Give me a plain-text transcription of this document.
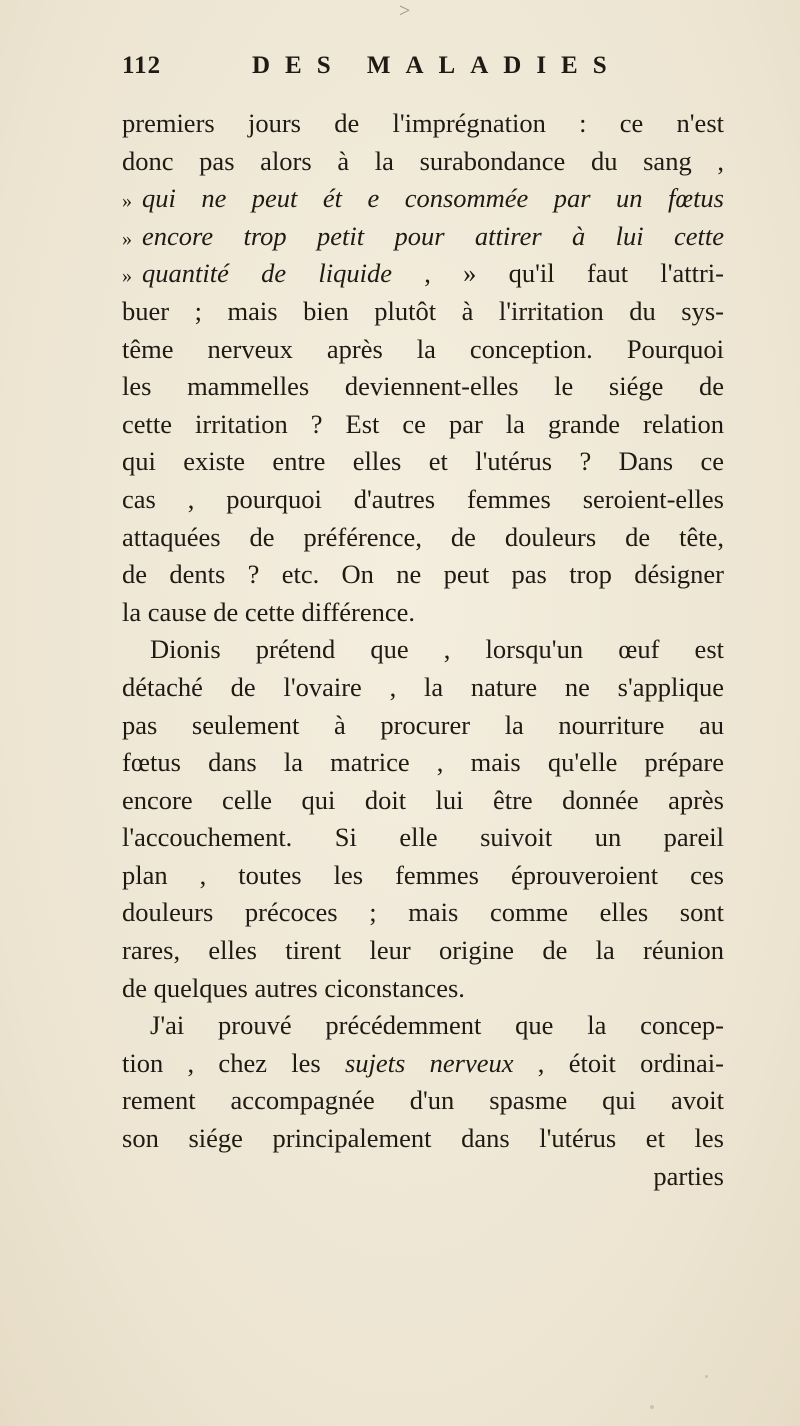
>
112	DES MALADIES
premiers jours de l'imprégnation : ce n'est
donc pas alors à la surabondance du sang ,
» qui ne peut ét e consommée par un fœtus
» encore trop petit pour attirer à lui cette
» quantité de liquide , » qu'il faut l'attri-
buer ; mais bien plutôt à l'irritation du sys-
tême nerveux après la conception. Pourquoi
les mammelles deviennent-elles le siége de
cette irritation ? Est ce par la grande relation
qui existe entre elles et l'utérus ? Dans ce
cas , pourquoi d'autres femmes seroient-elles
attaquées de préférence, de douleurs de tête,
de dents ? etc. On ne peut pas trop désigner
la cause de cette différence.
Dionis prétend que , lorsqu'un œuf est
détaché de l'ovaire , la nature ne s'applique
pas seulement à procurer la nourriture au
fœtus dans la matrice , mais qu'elle prépare
encore celle qui doit lui être donnée après
l'accouchement. Si elle suivoit un pareil
plan , toutes les femmes éprouveroient ces
douleurs précoces ; mais comme elles sont
rares, elles tirent leur origine de la réunion
de quelques autres ciconstances.
J'ai prouvé précédemment que la concep-
tion , chez les sujets nerveux , étoit ordinai-
rement accompagnée d'un spasme qui avoit
son siége principalement dans l'utérus et les
parties
